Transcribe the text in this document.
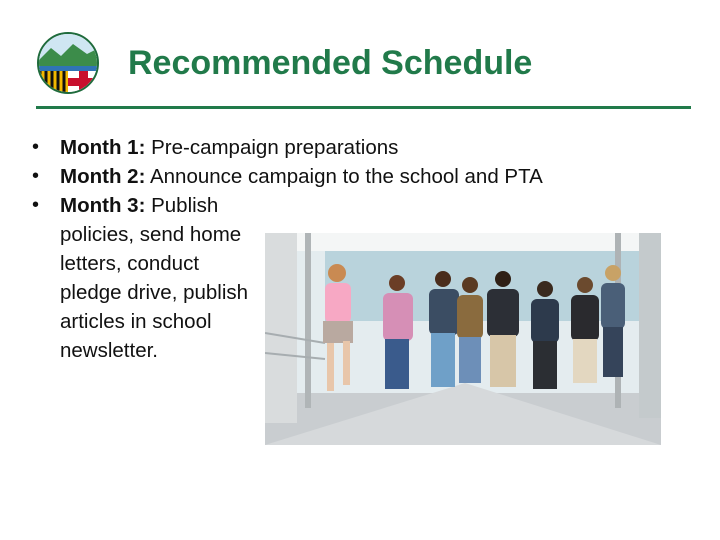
Recommended Schedule
• Month 1: Pre-campaign preparations
• Month 2: Announce campaign to the school and PTA
• Month 3: Publish policies, send home letters, conduct pledge drive, publish articles in school newsletter.
